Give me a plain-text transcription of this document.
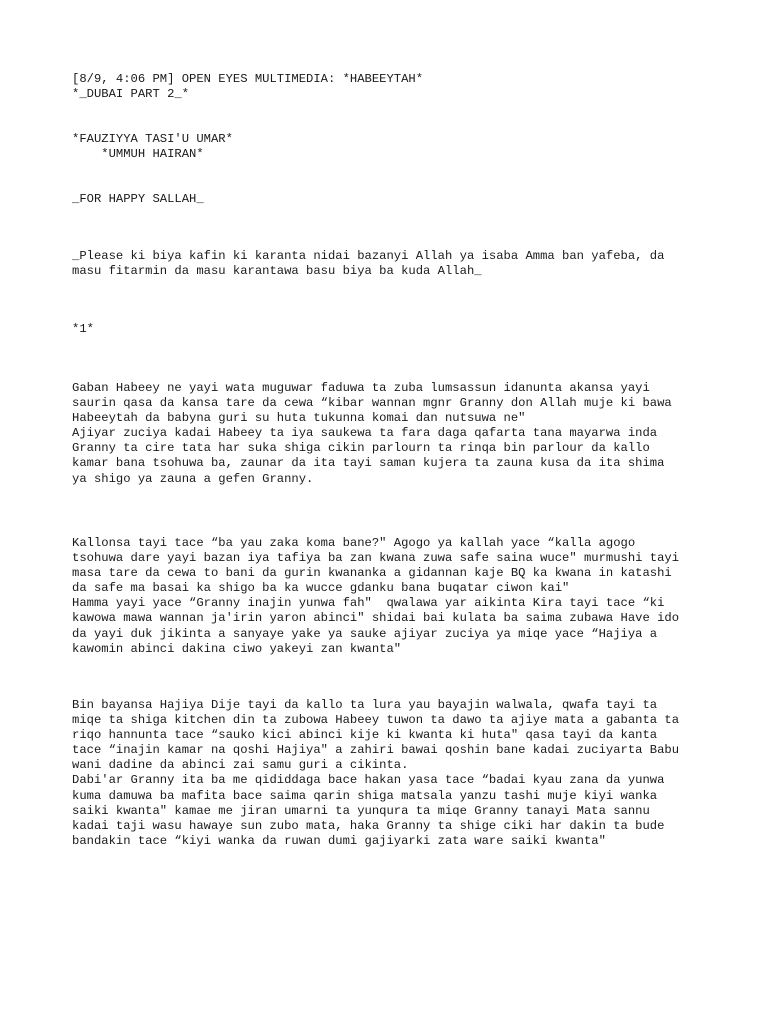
[8/9, 4:06 PM] OPEN EYES MULTIMEDIA: *HABEEYTAH*
*_DUBAI PART 2_*
*FAUZIYYA TASI'U UMAR*
*UMMUH HAIRAN*
_FOR HAPPY SALLAH_
_Please ki biya kafin ki karanta nidai bazanyi Allah ya isaba Amma ban yafeba, da
masu fitarmin da masu karantawa basu biya ba kuda Allah_
*1*
Gaban Habeey ne yayi wata muguwar faduwa ta zuba lumsassun idanunta akansa yayi
saurin qasa da kansa tare da cewa “kibar wannan mgnr Granny don Allah muje ki bawa
Habeeytah da babyna guri su huta tukunna komai dan nutsuwa ne"
Ajiyar zuciya kadai Habeey ta iya saukewa ta fara daga qafarta tana mayarwa inda
Granny ta cire tata har suka shiga cikin parlourn ta rinqa bin parlour da kallo
kamar bana tsohuwa ba, zaunar da ita tayi saman kujera ta zauna kusa da ita shima
ya shigo ya zauna a gefen Granny.
Kallonsa tayi tace “ba yau zaka koma bane?" Agogo ya kallah yace “kalla agogo
tsohuwa dare yayi bazan iya tafiya ba zan kwana zuwa safe saina wuce" murmushi tayi
masa tare da cewa to bani da gurin kwananka a gidannan kaje BQ ka kwana in katashi
da safe ma basai ka shigo ba ka wucce gdanku bana buqatar ciwon kai"
Hamma yayi yace “Granny inajin yunwa fah"  qwalawa yar aikinta Kira tayi tace “ki
kawowa mawa wannan ja'irin yaron abinci" shidai bai kulata ba saima zubawa Have ido
da yayi duk jikinta a sanyaye yake ya sauke ajiyar zuciya ya miqe yace “Hajiya a
kawomin abinci dakina ciwo yakeyi zan kwanta"
Bin bayansa Hajiya Dije tayi da kallo ta lura yau bayajin walwala, qwafa tayi ta
miqe ta shiga kitchen din ta zubowa Habeey tuwon ta dawo ta ajiye mata a gabanta ta
riqo hannunta tace “sauko kici abinci kije ki kwanta ki huta" qasa tayi da kanta
tace “inajin kamar na qoshi Hajiya" a zahiri bawai qoshin bane kadai zuciyarta Babu
wani dadine da abinci zai samu guri a cikinta.
Dabi'ar Granny ita ba me qididdaga bace hakan yasa tace “badai kyau zana da yunwa
kuma damuwa ba mafita bace saima qarin shiga matsala yanzu tashi muje kiyi wanka
saiki kwanta" kamae me jiran umarni ta yunqura ta miqe Granny tanayi Mata sannu
kadai taji wasu hawaye sun zubo mata, haka Granny ta shige ciki har dakin ta bude
bandakin tace “kiyi wanka da ruwan dumi gajiyarki zata ware saiki kwanta"
